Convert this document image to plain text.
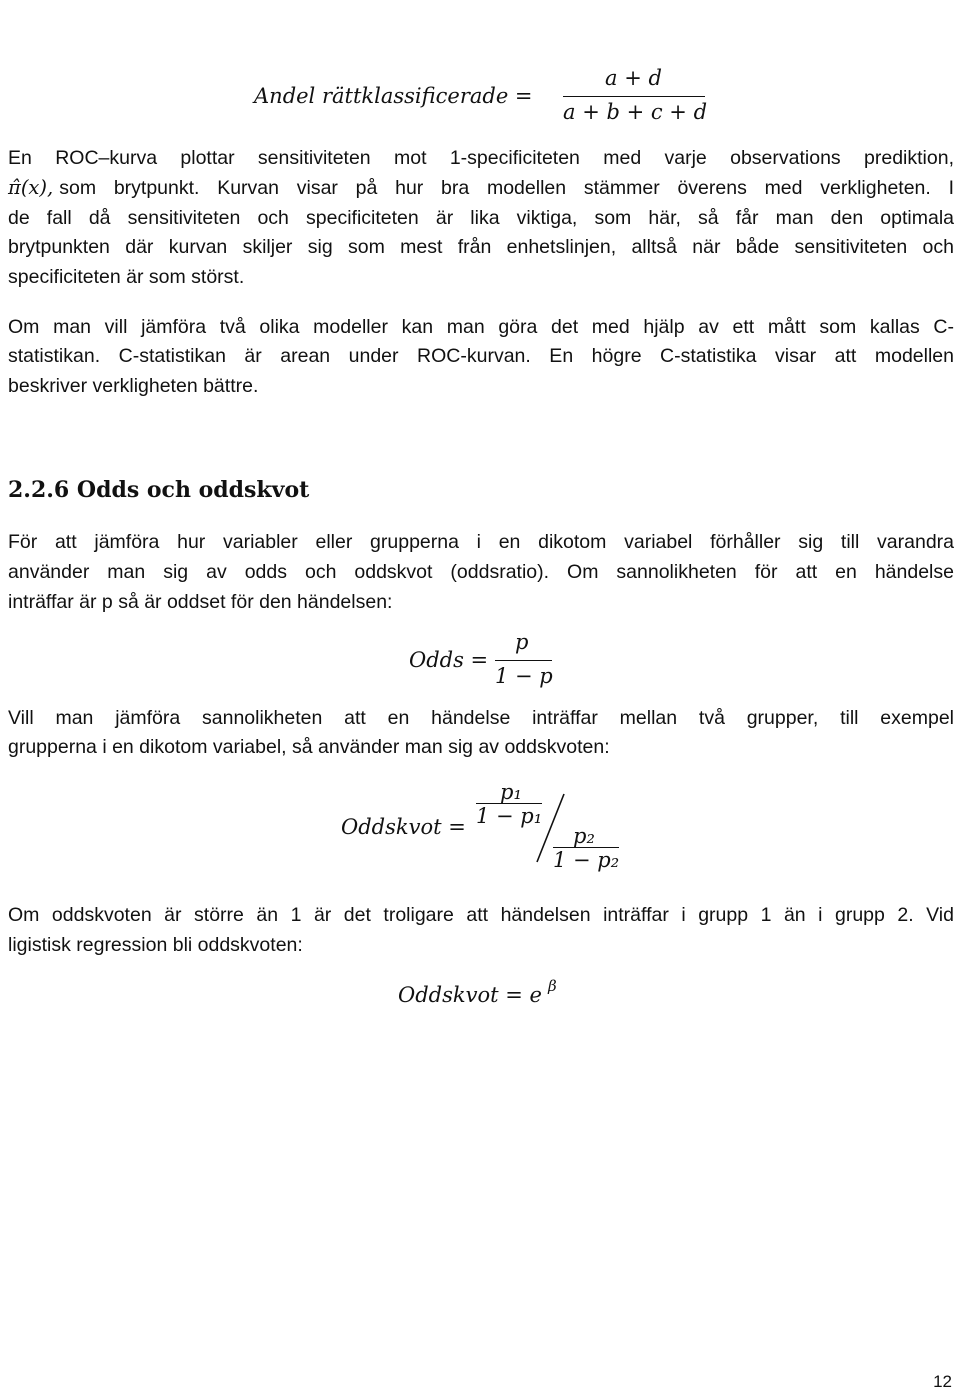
Andel rättklassificerade =
a + d
a + b + c + d
En ROC–kurva plottar sensitiviteten mot 1-specificiteten med varje observations prediktion,
π̂(x), som brytpunkt. Kurvan visar på hur bra modellen stämmer överens med verkligheten. I
de fall då sensitiviteten och specificiteten är lika viktiga, som här, så får man den optimala
brytpunkten där kurvan skiljer sig som mest från enhetslinjen, alltså när både sensitiviteten och
specificiteten är som störst.
Om man vill jämföra två olika modeller kan man göra det med hjälp av ett mått som kallas C-
statistikan. C-statistikan är arean under ROC-kurvan. En högre C-statistika visar att modellen
beskriver verkligheten bättre.
2.2.6 Odds och oddskvot
För att jämföra hur variabler eller grupperna i en dikotom variabel förhåller sig till varandra
använder man sig av odds och oddskvot (oddsratio). Om sannolikheten för att en händelse
inträffar är p så är oddset för den händelsen:
Odds =
p
1 − p
Vill man jämföra sannolikheten att en händelse inträffar mellan två grupper, till exempel
grupperna i en dikotom variabel, så använder man sig av oddskvoten:
Oddskvot =
p₁
1 − p₁
p₂
1 − p₂
Om oddskvoten är större än 1 är det troligare att händelsen inträffar i grupp 1 än i grupp 2. Vid
ligistisk regression bli oddskvoten:
Oddskvot = e β
12
